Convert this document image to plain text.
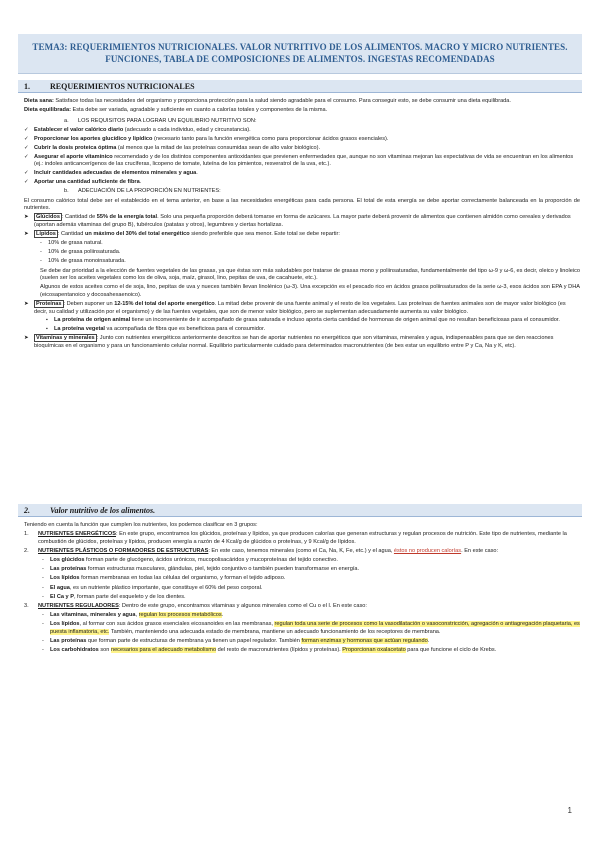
TEMA3: REQUERIMIENTOS NUTRICIONALES. VALOR NUTRITIVO DE LOS ALIMENTOS. MACRO Y MICRO NUTRIENTES.
FUNCIONES, TABLA DE COMPOSICIONES DE ALIMENTOS. INGESTAS RECOMENDADAS
1.	REQUERIMIENTOS NUTRICIONALES

Dieta sana: Satisface todas las necesidades del organismo y proporciona protección para la salud siendo agradable para el consumo. Para conseguir esto, se debe consumir una dieta equilibrada.

Dieta equilibrada: Esta debe ser variada, agradable y suficiente en cuanto a calorías totales y componentes de la misma.

a. LOS REQUISITOS PARA LOGRAR UN EQUILIBRIO NUTRITIVO SON:
✓ Establecer el valor calórico diario (adecuado a cada individuo, edad y circunstancia).
✓ Proporcionar los aportes glucídico y lipídico (necesario tanto para la función energética como para proporcionar ácidos grasos esenciales).
✓ Cubrir la dosis proteica óptima (al menos que la mitad de las proteínas consumidas sean de alto valor biológico).
✓ Asegurar el aporte vitamínico recomendado y de los distintos componentes antioxidantes que previenen enfermedades que, aunque no son vitaminas mejoran las expectativas de vida se encuentran en los alimentos (ej.: indoles anticancerígenos de las crucíferas, licopeno de tomate, luteína de los pimientos, resveratrol de la uva, etc.).
✓ Incluir cantidades adecuadas de elementos minerales y agua.
✓ Aportar una cantidad suficiente de fibra.
b. ADECUACIÓN DE LA PROPORCIÓN EN NUTRIENTES:

El consumo calórico total debe ser el establecido en el tema anterior, en base a las necesidades energéticas para cada persona. El total de esta energía se debe aportar correctamente balanceada en la proporción de nutrientes.

➤ Glúcidos : Cantidad de 55% de la energía total. Solo una pequeña proporción deberá tomarse en forma de azúcares. La mayor parte deberá provenir de alimentos que contienen almidón como cereales y derivados (aportan además vitaminas del grupo B), tubérculos (patatas y otros), legumbres y ciertas hortalizas.
➤ Lípidos : Cantidad un máximo del 30% del total energético siendo preferible que sea menor. Este total se debe repartir:
- 10% de grasa natural.
- 10% de grasa poliinsaturada.
- 10% de grasa monoinsaturada.

Se debe dar prioridad a la elección de fuentes vegetales de las grasas, ya que éstas son más saludables por tratarse de grasas mono y poliinsaturadas, fundamentalmente del tipo ω-9 y ω-6, es decir, oleico y linoleico (suelen ser los aceites vegetales como los de oliva, soja, maíz, girasol, lino, pepitas de uva, de cacahuete, etc.).

Algunos de estos aceites como el de soja, lino, pepitas de uva y nueces también llevan linolénico (ω-3). Una excepción es el pescado rico en ácidos grasos poliinsaturados de la serie ω-3, esos ácidos son EPA y DHA (eicosapentanoico y docosahexaenoico).

➤ Proteínas : Deben suponer un 12-15% del total del aporte energético. La mitad debe provenir de una fuente animal y el resto de los vegetales. Las proteínas de fuentes animales son de mayor valor biológico (es decir, su calidad y utilización por el organismo) y de las fuentes vegetales, que son de menor valor biológico, pero se suplementan adecuadamente aumenta su valor biológico.
▪ La proteína de origen animal tiene un inconveniente de ir acompañado de grasa saturada e incluso aporta cierta cantidad de hormonas de origen animal que no resultan beneficiosas para el consumidor.
▪ La proteína vegetal va acompañada de fibra que es beneficiosa para el consumidor.
➤ Vitaminas y minerales : Junto con nutrientes energéticos anteriormente descritos se han de aportar nutrientes no energéticos que son vitaminas, minerales y agua, indispensables para que se den reacciones bioquímicas en el organismo y para un funcionamiento celular normal. Equilibrio particularmente cuidado para determinados macronutrientes (de bes estar un equilibrio entre P y Ca, Na y K, etc).
2.	Valor nutritivo de los alimentos.

Teniendo en cuenta la función que cumplen los nutrientes, los podemos clasificar en 3 grupos:

1. NUTRIENTES ENERGÉTICOS: En este grupo, encontramos los glúcidos, proteínas y lípidos, ya que producen calorías que generan estructuras y regulan procesos de nutrición. Este tipo de nutrientes, mediante la combustión de glúcidos, proteínas y lípidos, producen energía a razón de 4 Kcal/g de glúcidos o proteínas, y 9 Kcal/g de lípidos.
2. NUTRIENTES PLÁSTICOS O FORMADORES DE ESTRUCTURAS: En este caso, tenemos minerales (como el Ca, Na, K, Fe, etc.) y el agua, éstos no producen calorías. En este caso:
- Los glúcidos forman parte de glucógeno, ácidos urónicos, mucopolisacáridos y mucoproteínas del tejido conectivo.
- Las proteínas forman estructuras musculares, glándulas, piel, tejido conjuntivo o también pueden transformarse en energía.
- Los lípidos forman membranas en todas las células del organismo, y forman el tejido adiposo.
- El agua, es un nutriente plástico importante, que constituye el 60% del peso corporal.
- El Ca y P, forman parte del esqueleto y de los dientes.
3. NUTRIENTES REGULADORES: Dentro de este grupo, encontramos vitaminas y algunos minerales como el Cu o el I. En este caso:
- Las vitaminas, minerales y agua, regulan los procesos metabólicos.
- Los lípidos, al formar con sus ácidos grasos esenciales eicosanoides en las membranas, regulan toda una serie de procesos como la vasodilatación o vasoconstricción, agregación o antiagregación plaquetaria, es puesta inflamatoria, etc. También, manteniendo una adecuada estado de membrana, mantiene un adecuado funcionamiento de los receptores de membrana.
- Las proteínas que forman parte de estructuras de membrana ya tienen un papel regulador. También forman enzimas y hormonas que actúan regulando.
- Los carbohidratos son necesarios para el adecuado metabolismo del resto de macronutrientes (lípidos y proteínas). Proporcionan oxalacetato para que funcione el ciclo de Krebs.
1
